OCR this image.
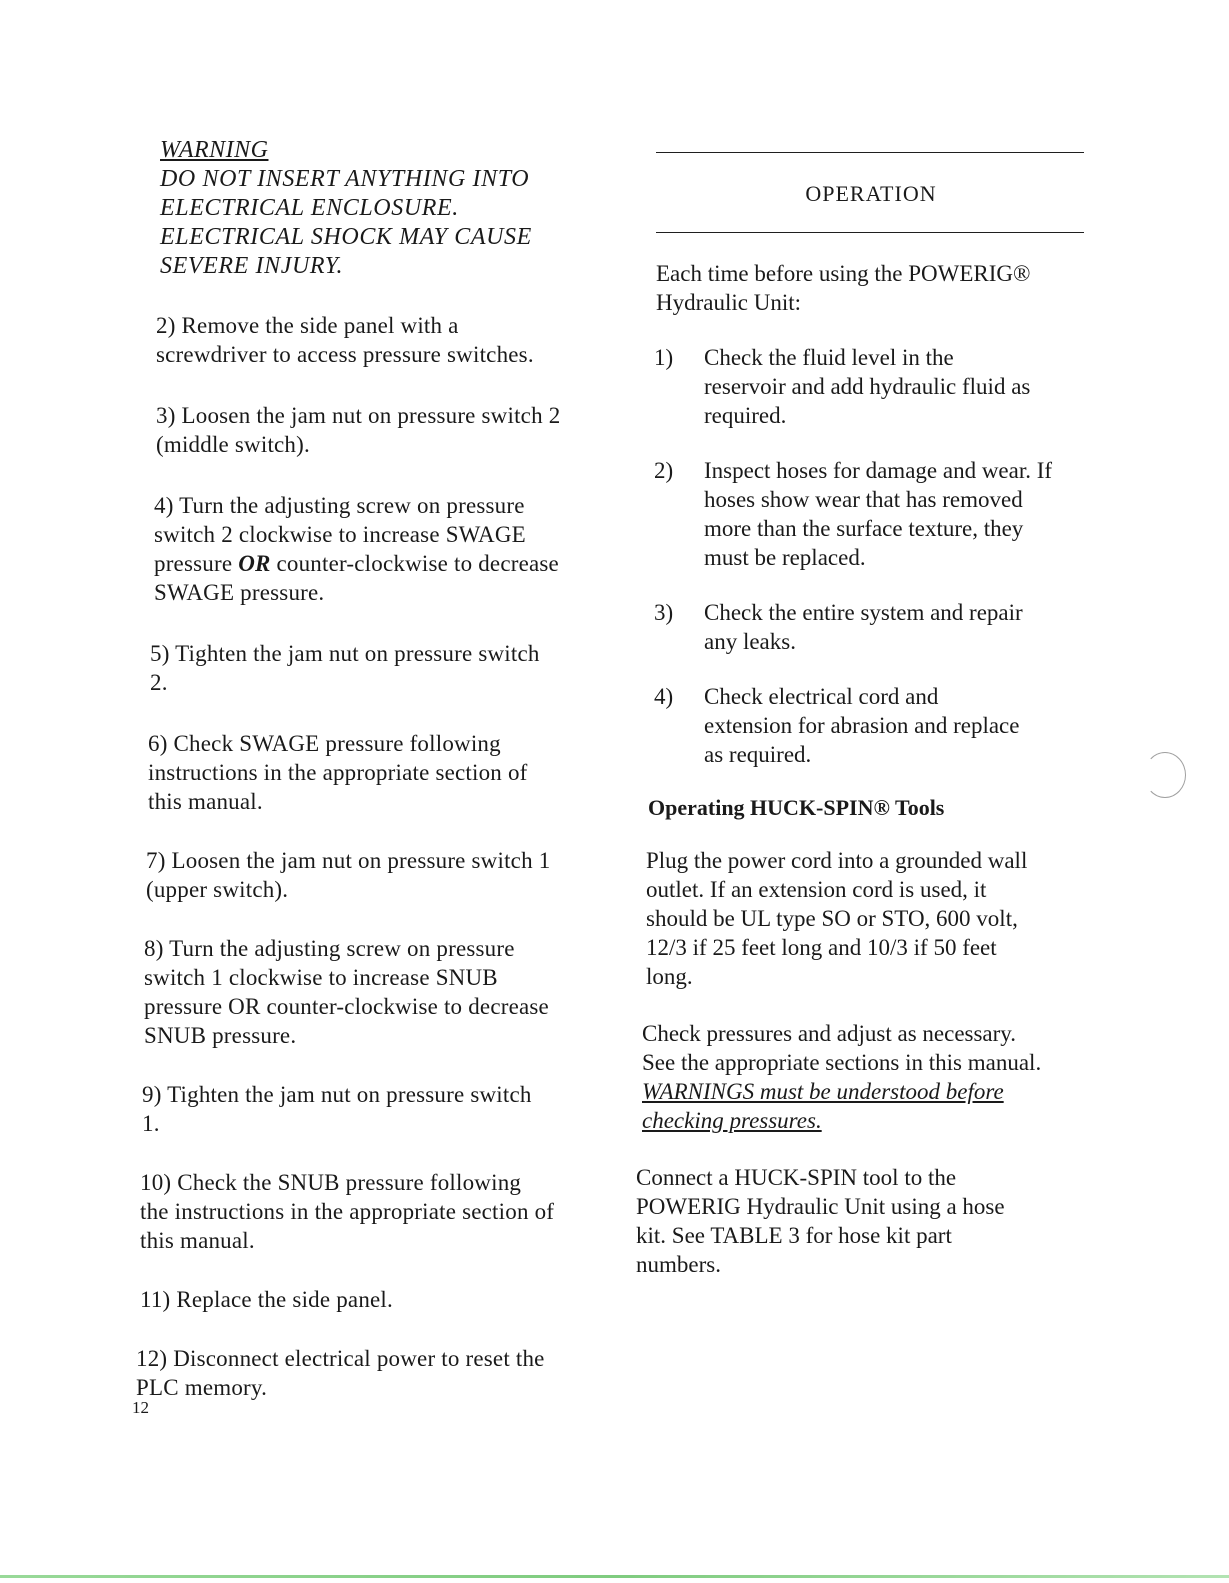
WARNING
DO NOT INSERT ANYTHING INTO
ELECTRICAL ENCLOSURE.
ELECTRICAL SHOCK MAY CAUSE
SEVERE INJURY.
2) Remove the side panel with a
screwdriver to access pressure switches.
3) Loosen the jam nut on pressure switch 2
(middle switch).
4) Turn the adjusting screw on pressure
switch 2 clockwise to increase SWAGE
pressure OR counter-clockwise to decrease
SWAGE pressure.
5) Tighten the jam nut on pressure switch
2.
6) Check SWAGE pressure following
instructions in the appropriate section of
this manual.
7) Loosen the jam nut on pressure switch 1
(upper switch).
8) Turn the adjusting screw on pressure
switch 1 clockwise to increase SNUB
pressure OR counter-clockwise to decrease
SNUB pressure.
9) Tighten the jam nut on pressure switch
1.
10) Check the SNUB pressure following
the instructions in the appropriate section of
this manual.
11) Replace the side panel.
12) Disconnect electrical power to reset the
PLC memory.
OPERATION
Each time before using the POWERIG®
Hydraulic Unit:
1) Check the fluid level in the
reservoir and add hydraulic fluid as
required.
2) Inspect hoses for damage and wear. If
hoses show wear that has removed
more than the surface texture, they
must be replaced.
3) Check the entire system and repair
any leaks.
4) Check electrical cord and
extension for abrasion and replace
as required.
Operating HUCK-SPIN® Tools
Plug the power cord into a grounded wall
outlet. If an extension cord is used, it
should be UL type SO or STO, 600 volt,
12/3 if 25 feet long and 10/3 if 50 feet
long.
Check pressures and adjust as necessary.
See the appropriate sections in this manual.
WARNINGS must be understood before
checking pressures.
Connect a HUCK-SPIN tool to the
POWERIG Hydraulic Unit using a hose
kit. See TABLE 3 for hose kit part
numbers.
12
